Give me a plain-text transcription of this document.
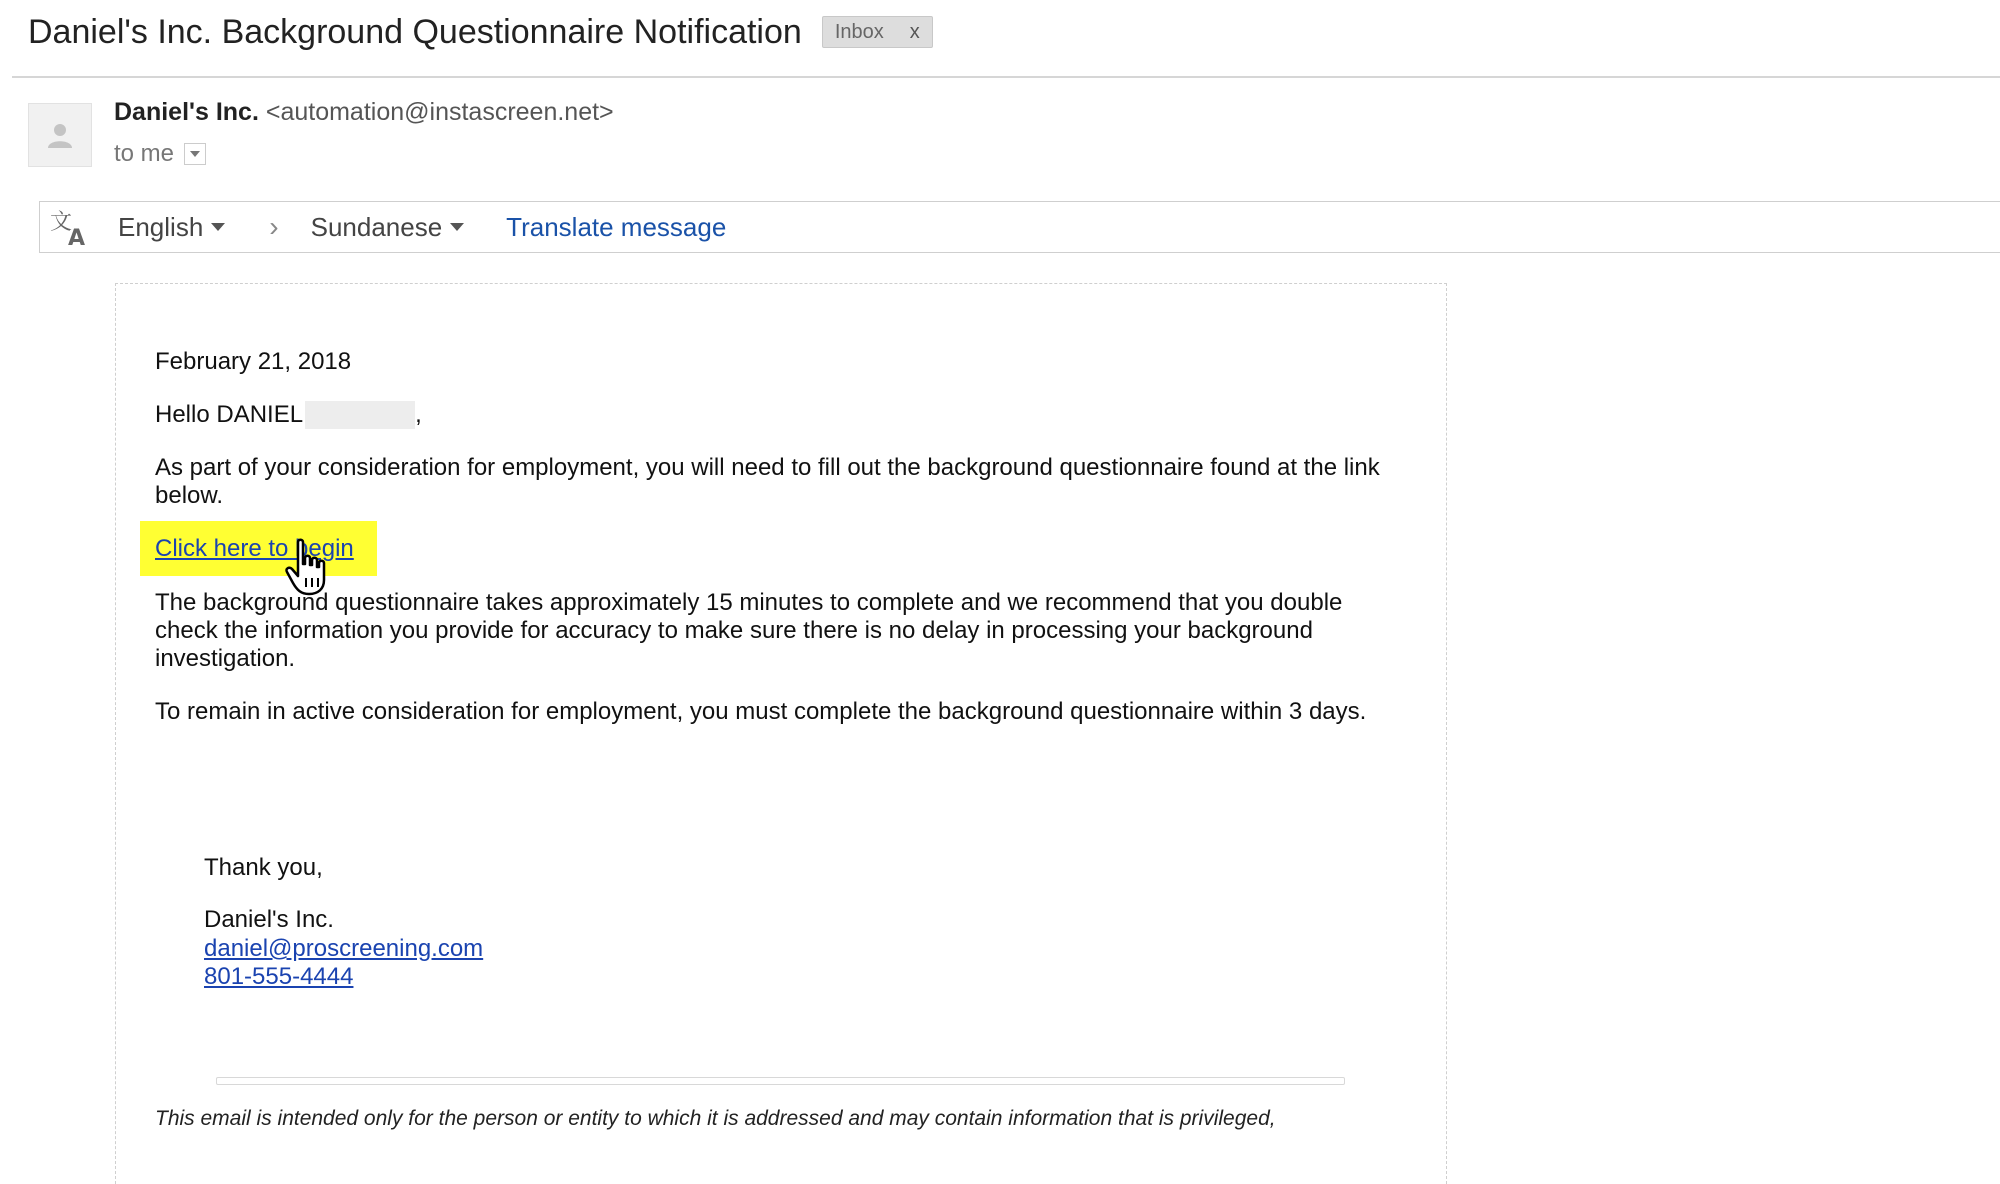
Daniel's Inc. Background Questionnaire Notification Inbox x
Daniel's Inc. <automation@instascreen.net>
to me
文
A English › Sundanese Translate message
February 21, 2018
Hello DANIEL	,
As part of your consideration for employment, you will need to fill out the background questionnaire found at the link below.
Click here to begin
The background questionnaire takes approximately 15 minutes to complete and we recommend that you double check the information you provide for accuracy to make sure there is no delay in processing your background investigation.
To remain in active consideration for employment, you must complete the background questionnaire within 3 days.
Thank you,
Daniel's Inc.
daniel@proscreening.com
801-555-4444
This email is intended only for the person or entity to which it is addressed and may contain information that is privileged,
